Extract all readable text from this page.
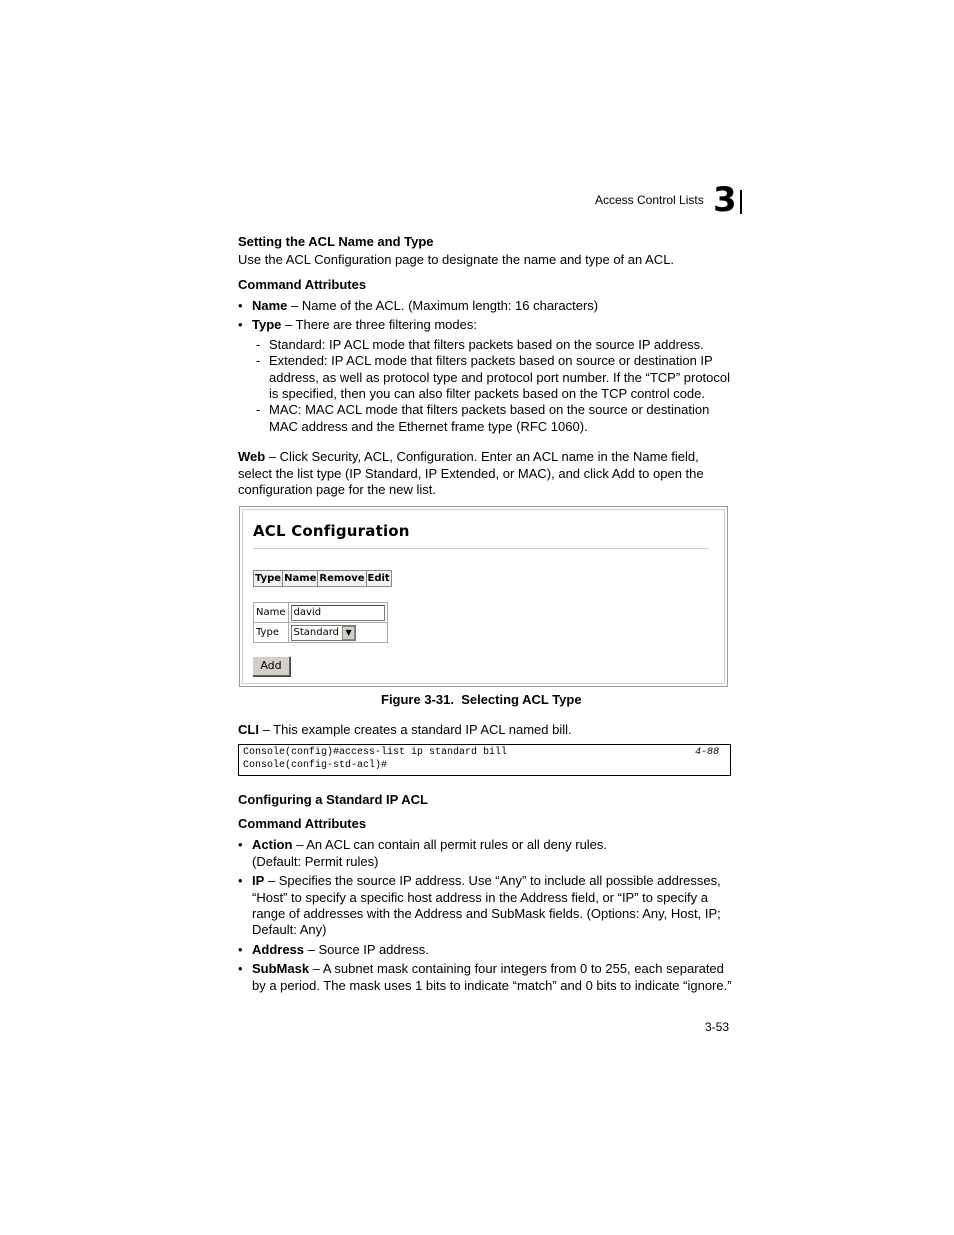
Access Control Lists 3
Setting the ACL Name and Type
Use the ACL Configuration page to designate the name and type of an ACL.
Command Attributes
• Name – Name of the ACL. (Maximum length: 16 characters)
• Type – There are three filtering modes:
- Standard: IP ACL mode that filters packets based on the source IP address.
- Extended: IP ACL mode that filters packets based on source or destination IP
address, as well as protocol type and protocol port number. If the “TCP” protocol
is specified, then you can also filter packets based on the TCP control code.
- MAC: MAC ACL mode that filters packets based on the source or destination
MAC address and the Ethernet frame type (RFC 1060).
Web – Click Security, ACL, Configuration. Enter an ACL name in the Name field,
select the list type (IP Standard, IP Extended, or MAC), and click Add to open the
configuration page for the new list.
ACL Configuration
Type	Name	Remove	Edit
Name	david

Type	Standard ▼
Add
Figure 3-31.  Selecting ACL Type
CLI – This example creates a standard IP ACL named bill.
Console(config)#access-list ip standard bill
Console(config-std-acl)#
4-88
Configuring a Standard IP ACL
Command Attributes
• Action – An ACL can contain all permit rules or all deny rules.
(Default: Permit rules)
• IP – Specifies the source IP address. Use “Any” to include all possible addresses,
“Host” to specify a specific host address in the Address field, or “IP” to specify a
range of addresses with the Address and SubMask fields. (Options: Any, Host, IP;
Default: Any)
• Address – Source IP address.
• SubMask – A subnet mask containing four integers from 0 to 255, each separated
by a period. The mask uses 1 bits to indicate “match” and 0 bits to indicate “ignore.”
3-53
